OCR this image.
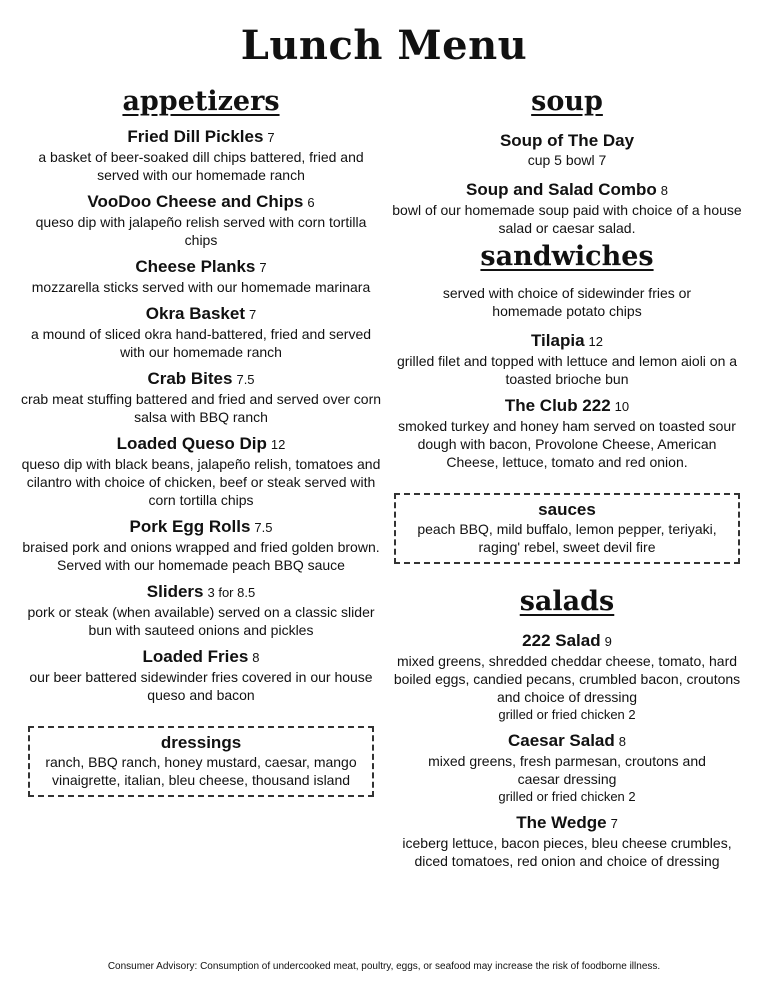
Lunch Menu
appetizers
Fried Dill Pickles 7
a basket of beer-soaked dill chips battered, fried and served with our homemade ranch
VooDoo Cheese and Chips 6
queso dip with jalapeño relish served with corn tortilla chips
Cheese Planks 7
mozzarella sticks served with our homemade marinara
Okra Basket 7
a mound of sliced okra hand-battered, fried and served with our homemade ranch
Crab Bites 7.5
crab meat stuffing battered and fried and served over corn salsa with BBQ ranch
Loaded Queso Dip 12
queso dip with black beans, jalapeño relish, tomatoes and cilantro with choice of chicken, beef or steak served with corn tortilla chips
Pork Egg Rolls 7.5
braised pork and onions wrapped and fried golden brown. Served with our homemade peach BBQ sauce
Sliders 3 for 8.5
pork or steak (when available) served on a classic slider bun with sauteed onions and pickles
Loaded Fries 8
our beer battered sidewinder fries covered in our house queso and bacon
dressings
ranch, BBQ ranch, honey mustard, caesar, mango vinaigrette, italian, bleu cheese, thousand island
soup
Soup of The Day
cup 5 bowl 7
Soup and Salad Combo 8
bowl of our homemade soup paid with choice of a house salad or caesar salad.
sandwiches
served with choice of sidewinder fries or homemade potato chips
Tilapia 12
grilled filet and topped with lettuce and lemon aioli on a toasted brioche bun
The Club 222 10
smoked turkey and honey ham served on toasted sour dough with bacon, Provolone Cheese, American Cheese, lettuce, tomato and red onion.
sauces
peach BBQ, mild buffalo, lemon pepper, teriyaki, raging' rebel, sweet devil fire
salads
222 Salad 9
mixed greens, shredded cheddar cheese, tomato, hard boiled eggs, candied pecans, crumbled bacon, croutons and choice of dressing
grilled or fried chicken 2
Caesar Salad 8
mixed greens, fresh parmesan, croutons and caesar dressing
grilled or fried chicken 2
The Wedge 7
iceberg lettuce, bacon pieces, bleu cheese crumbles, diced tomatoes, red onion and choice of dressing
Consumer Advisory: Consumption of undercooked meat, poultry, eggs, or seafood may increase the risk of foodborne illness.
